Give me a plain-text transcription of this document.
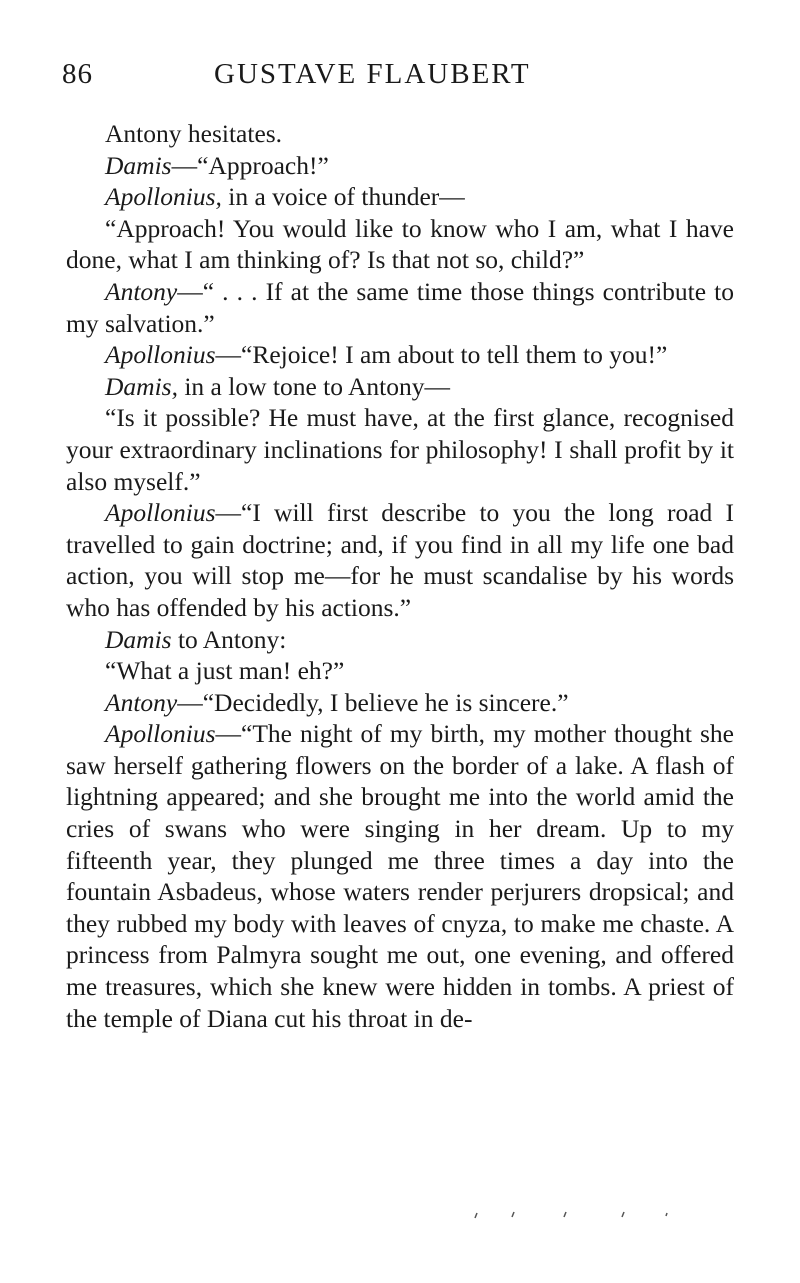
86	GUSTAVE FLAUBERT

Antony hesitates.

Damis—“Approach!”

Apollonius, in a voice of thunder—

“Approach! You would like to know who I am, what I have done, what I am thinking of? Is that not so, child?”

Antony—“ . . . If at the same time those things contribute to my salvation.”

Apollonius—“Rejoice! I am about to tell them to you!”

Damis, in a low tone to Antony—

“Is it possible? He must have, at the first glance, recognised your extraordinary inclinations for philosophy! I shall profit by it also myself.”

Apollonius—“I will first describe to you the long road I travelled to gain doctrine; and, if you find in all my life one bad action, you will stop me—for he must scandalise by his words who has offended by his actions.”

Damis to Antony:

“What a just man! eh?”

Antony—“Decidedly, I believe he is sincere.”

Apollonius—“The night of my birth, my mother thought she saw herself gathering flowers on the border of a lake. A flash of lightning appeared; and she brought me into the world amid the cries of swans who were singing in her dream. Up to my fifteenth year, they plunged me three times a day into the fountain Asbadeus, whose waters render perjurers dropsical; and they rubbed my body with leaves of cnyza, to make me chaste. A princess from Palmyra sought me out, one evening, and offered me treasures, which she knew were hidden in tombs. A priest of the temple of Diana cut his throat in de-
